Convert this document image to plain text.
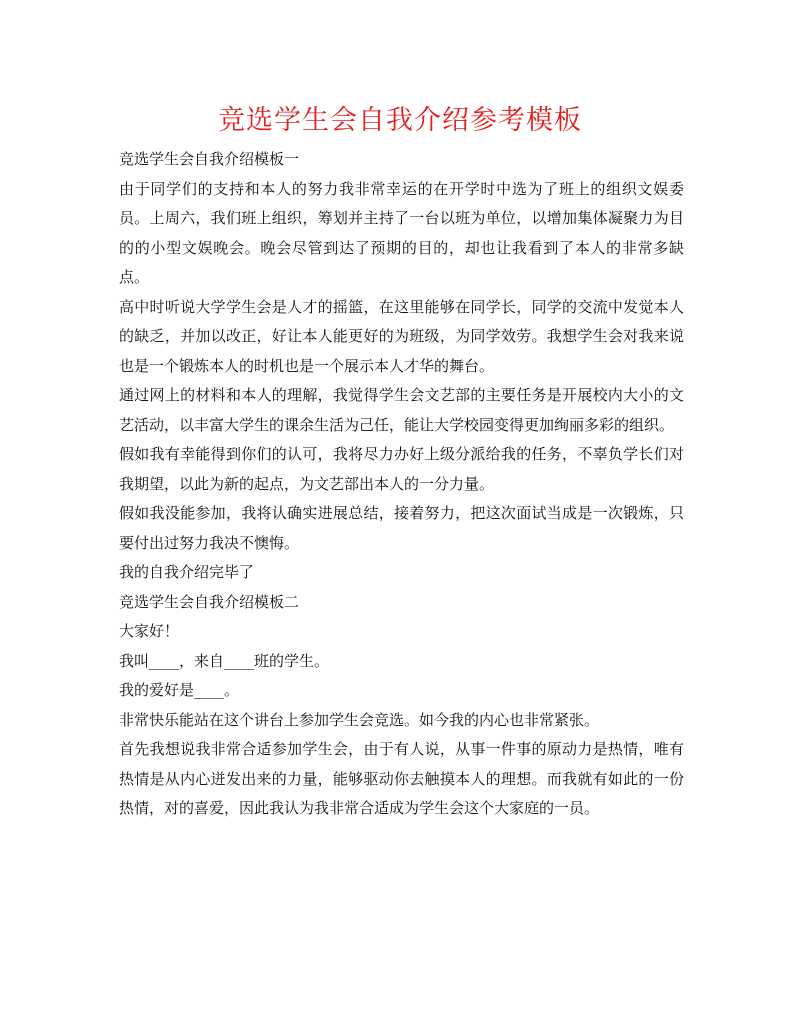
竞选学生会自我介绍参考模板

竞选学生会自我介绍模板一

由于同学们的支持和本人的努力我非常幸运的在开学时中选为了班上的组织文娱委员。上周六，我们班上组织，筹划并主持了一台以班为单位，以增加集体凝聚力为目的的小型文娱晚会。晚会尽管到达了预期的目的，却也让我看到了本人的非常多缺点。

高中时听说大学学生会是人才的摇篮，在这里能够在同学长，同学的交流中发觉本人的缺乏，并加以改正，好让本人能更好的为班级，为同学效劳。我想学生会对我来说也是一个锻炼本人的时机也是一个展示本人才华的舞台。

通过网上的材料和本人的理解，我觉得学生会文艺部的主要任务是开展校内大小的文艺活动，以丰富大学生的课余生活为己任，能让大学校园变得更加绚丽多彩的组织。

假如我有幸能得到你们的认可，我将尽力办好上级分派给我的任务，不辜负学长们对我期望，以此为新的起点，为文艺部出本人的一分力量。

假如我没能参加，我将认确实进展总结，接着努力，把这次面试当成是一次锻炼，只要付出过努力我决不懊悔。

我的自我介绍完毕了

竞选学生会自我介绍模板二

大家好！

我叫____，来自____班的学生。

我的爱好是____。

非常快乐能站在这个讲台上参加学生会竞选。如今我的内心也非常紧张。

首先我想说我非常合适参加学生会，由于有人说，从事一件事的原动力是热情，唯有热情是从内心迸发出来的力量，能够驱动你去触摸本人的理想。而我就有如此的一份热情，对的喜爱，因此我认为我非常合适成为学生会这个大家庭的一员。
